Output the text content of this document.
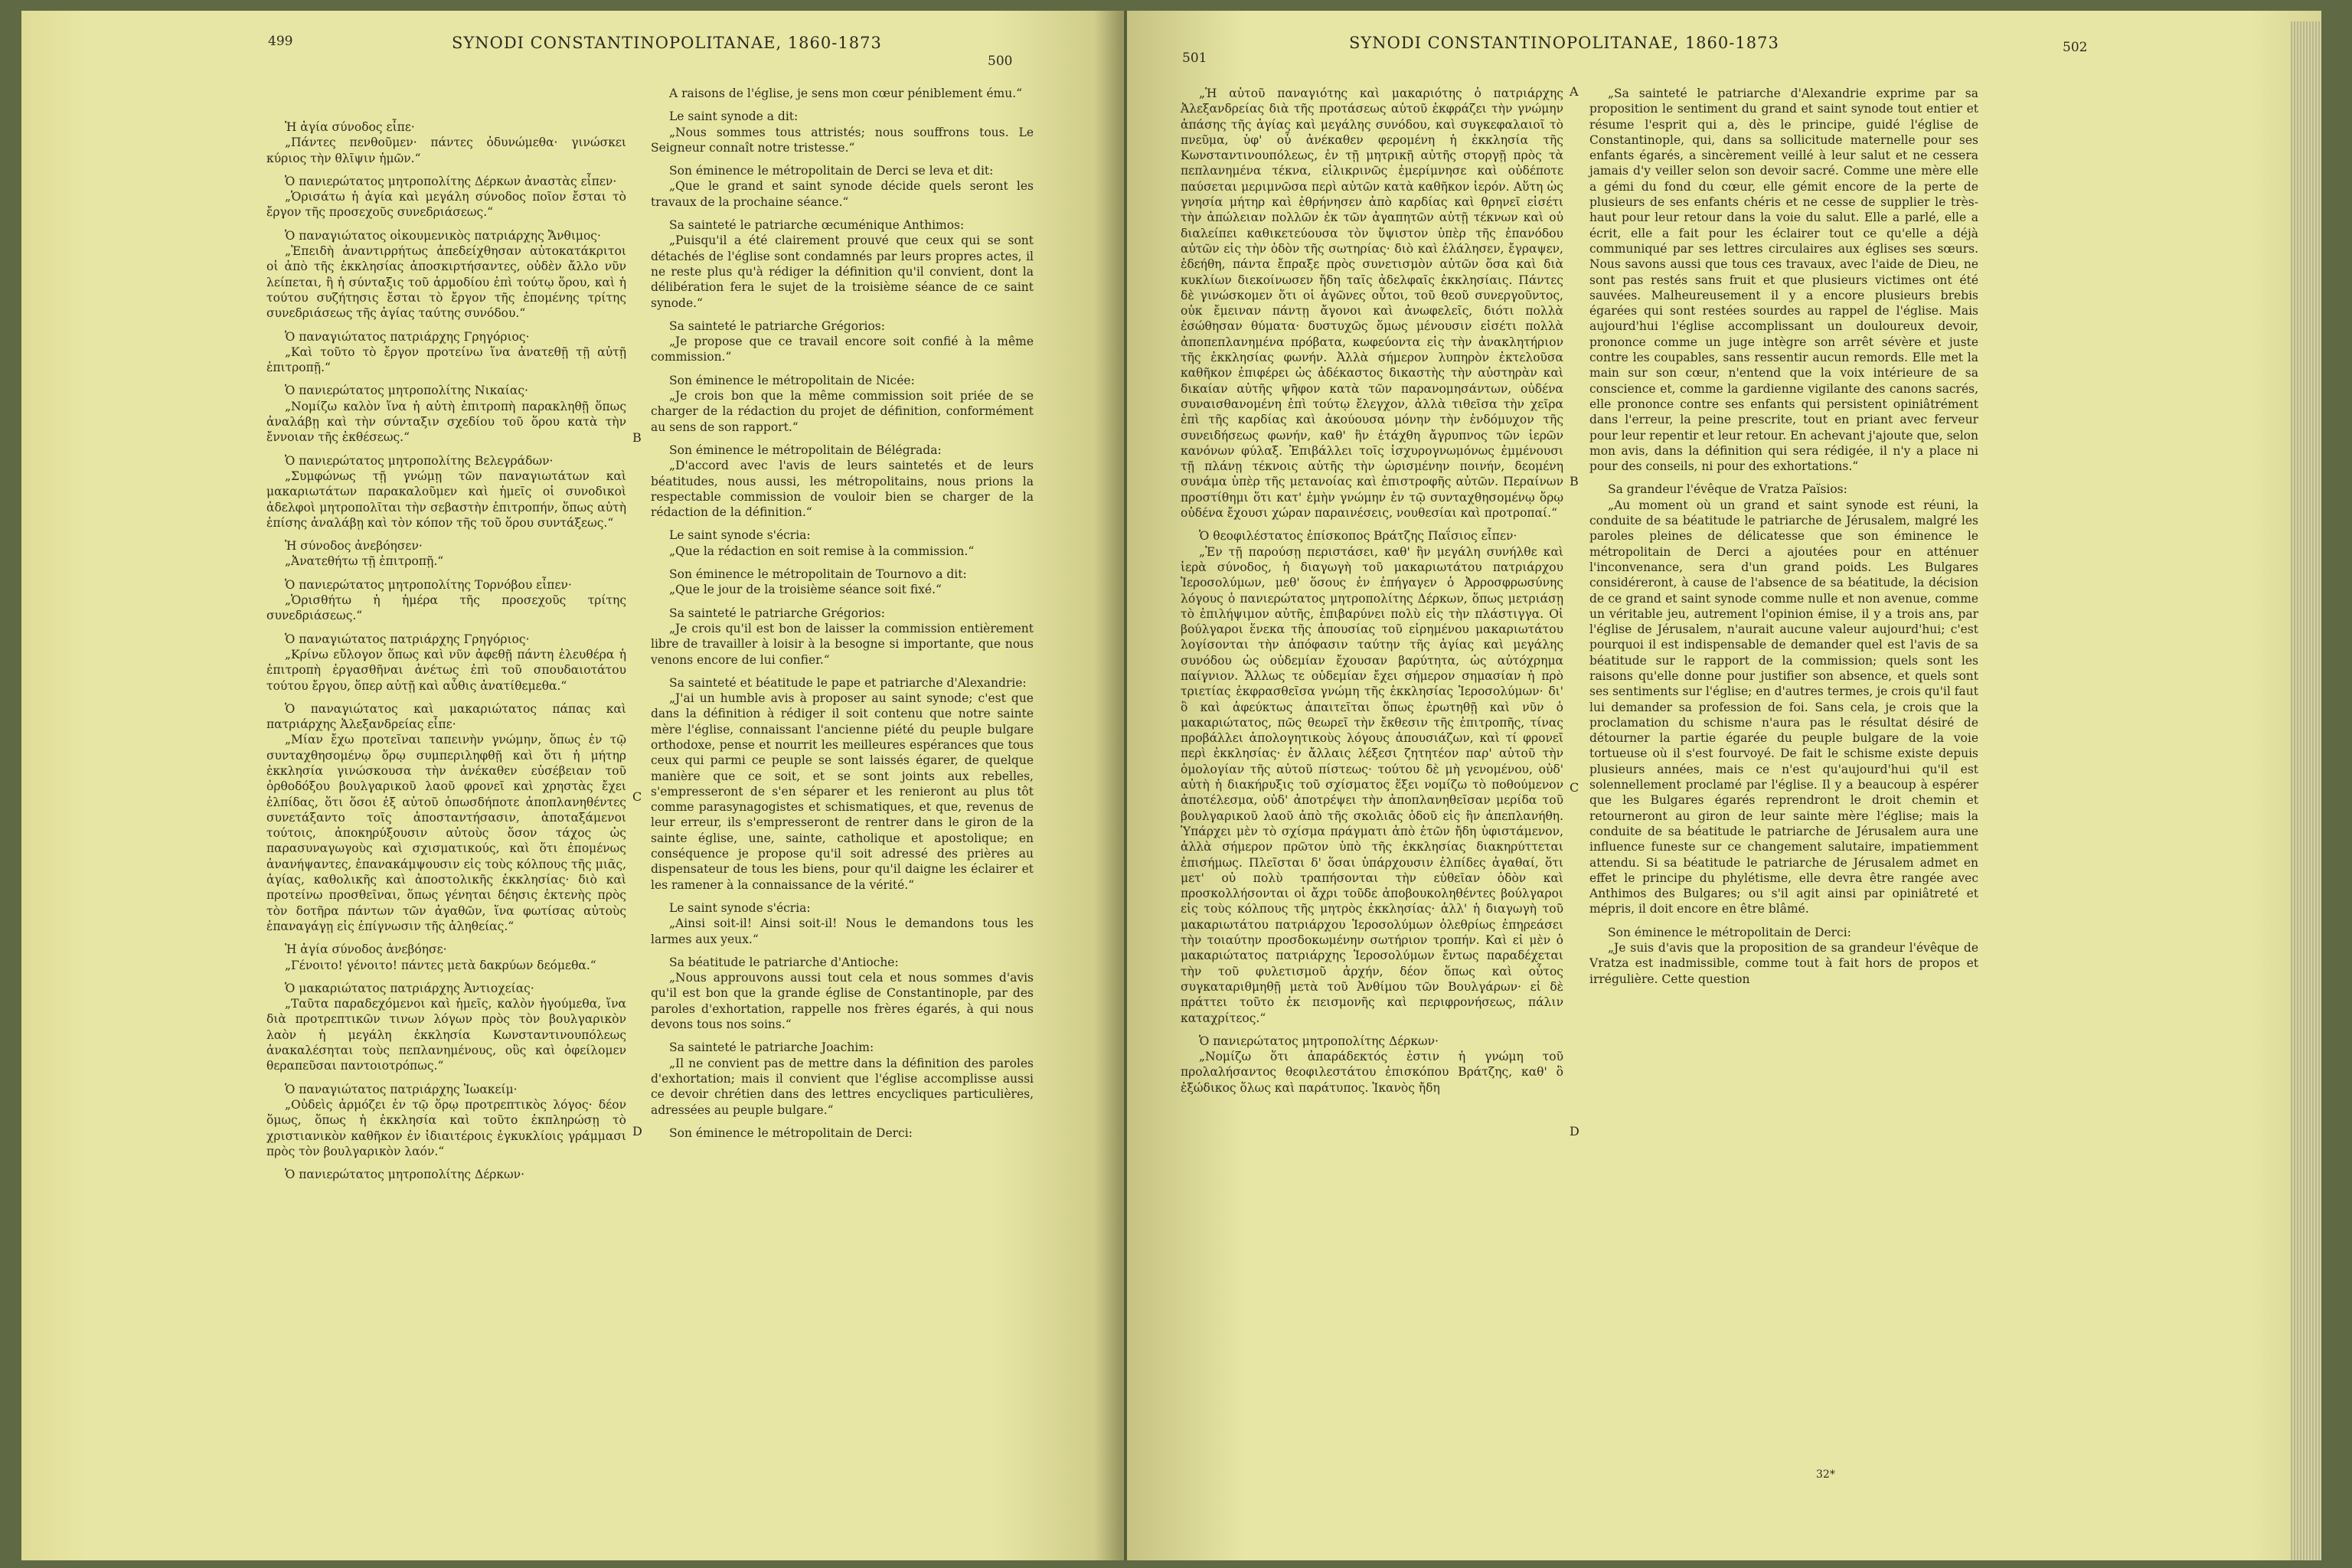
499	SYNODI CONSTANTINOPOLITANAE, 1860-1873
500

Ἡ ἁγία σύνοδος εἶπε·

„Πάντες πενθοῦμεν· πάντες ὀδυνώμεθα· γινώσκει κύριος τὴν θλῖψιν ἡμῶν.“

Ὁ πανιερώτατος μητροπολίτης Δέρκων ἀναστὰς εἶπεν·

„Ὁρισάτω ἡ ἁγία καὶ μεγάλη σύνοδος ποῖον ἔσται τὸ ἔργον τῆς προσεχοῦς συνεδριάσεως.“

Ὁ παναγιώτατος οἰκουμενικὸς πατριάρχης Ἄνθιμος·

„Ἐπειδὴ ἀναντιρρήτως ἀπεδείχθησαν αὐτοκατάκριτοι οἱ ἀπὸ τῆς ἐκκλησίας ἀποσκιρτήσαντες, οὐδὲν ἄλλο νῦν λείπεται, ἢ ἡ σύνταξις τοῦ ἁρμοδίου ἐπὶ τούτῳ ὅρου, καὶ ἡ τούτου συζήτησις ἔσται τὸ ἔργον τῆς ἐπομένης τρίτης συνεδριάσεως τῆς ἁγίας ταύτης συνόδου.“

Ὁ παναγιώτατος πατριάρχης Γρηγόριος·

„Καὶ τοῦτο τὸ ἔργον προτείνω ἵνα ἀνατεθῇ τῇ αὐτῇ ἐπιτροπῇ.“

Ὁ πανιερώτατος μητροπολίτης Νικαίας·

„Νομίζω καλὸν ἵνα ἡ αὐτὴ ἐπιτροπὴ παρακληθῇ ὅπως ἀναλάβῃ καὶ τὴν σύνταξιν σχεδίου τοῦ ὅρου κατὰ τὴν ἔννοιαν τῆς ἐκθέσεως.“

Ὁ πανιερώτατος μητροπολίτης Βελεγράδων·

„Συμφώνως τῇ γνώμῃ τῶν παναγιωτάτων καὶ μακαριωτάτων παρακαλοῦμεν καὶ ἡμεῖς οἱ συνοδικοὶ ἀδελφοὶ μητροπολῖται τὴν σεβαστὴν ἐπιτροπήν, ὅπως αὐτὴ ἐπίσης ἀναλάβῃ καὶ τὸν κόπον τῆς τοῦ ὅρου συντάξεως.“

Ἡ σύνοδος ἀνεβόησεν·

„Ἀνατεθήτω τῇ ἐπιτροπῇ.“

Ὁ πανιερώτατος μητροπολίτης Τορνόβου εἶπεν·

„Ὁρισθήτω ἡ ἡμέρα τῆς προσεχοῦς τρίτης συνεδριάσεως.“

Ὁ παναγιώτατος πατριάρχης Γρηγόριος·

„Κρίνω εὔλογον ὅπως καὶ νῦν ἀφεθῇ πάντη ἐλευθέρα ἡ ἐπιτροπὴ ἐργασθῆναι ἀνέτως ἐπὶ τοῦ σπουδαιοτάτου τούτου ἔργου, ὅπερ αὐτῇ καὶ αὖθις ἀνατίθεμεθα.“

Ὁ παναγιώτατος καὶ μακαριώτατος πάπας καὶ πατριάρχης Ἀλεξανδρείας εἶπε·

„Μίαν ἔχω προτεῖναι ταπεινὴν γνώμην, ὅπως ἐν τῷ συνταχθησομένῳ ὅρῳ συμπεριληφθῇ καὶ ὅτι ἡ μήτηρ ἐκκλησία γινώσκουσα τὴν ἀνέκαθεν εὐσέβειαν τοῦ ὀρθοδόξου βουλγαρικοῦ λαοῦ φρονεῖ καὶ χρηστὰς ἔχει ἐλπίδας, ὅτι ὅσοι ἐξ αὐτοῦ ὁπωσδήποτε ἀποπλανηθέντες συνετάξαντο τοῖς ἀποσταντήσασιν, ἀποταξάμενοι τούτοις, ἀποκηρύξουσιν αὐτοὺς ὅσον τάχος ὡς παρασυναγωγοὺς καὶ σχισματικούς, καὶ ὅτι ἐπομένως ἀνανήψαντες, ἐπανακάμψουσιν εἰς τοὺς κόλπους τῆς μιᾶς, ἁγίας, καθολικῆς καὶ ἀποστολικῆς ἐκκλησίας· διὸ καὶ προτείνω προσθεῖναι, ὅπως γένηται δέησις ἐκτενὴς πρὸς τὸν δοτῆρα πάντων τῶν ἀγαθῶν, ἵνα φωτίσας αὐτοὺς ἐπαναγάγῃ εἰς ἐπίγνωσιν τῆς ἀληθείας.“

Ἡ ἁγία σύνοδος ἀνεβόησε·

„Γένοιτο! γένοιτο! πάντες μετὰ δακρύων δεόμεθα.“

Ὁ μακαριώτατος πατριάρχης Ἀντιοχείας·

„Ταῦτα παραδεχόμενοι καὶ ἡμεῖς, καλὸν ἡγούμεθα, ἵνα διὰ προτρεπτικῶν τινων λόγων πρὸς τὸν βουλγαρικὸν λαὸν ἡ μεγάλη ἐκκλησία Κωνσταντινουπόλεως ἀνακαλέσηται τοὺς πεπλανημένους, οὓς καὶ ὀφείλομεν θεραπεῦσαι παντοιοτρόπως.“

Ὁ παναγιώτατος πατριάρχης Ἰωακείμ·

„Οὐδεὶς ἀρμόζει ἐν τῷ ὅρῳ προτρεπτικὸς λόγος· δέον ὅμως, ὅπως ἡ ἐκκλησία καὶ τοῦτο ἐκπληρώσῃ τὸ χριστιανικὸν καθῆκον ἐν ἰδιαιτέροις ἐγκυκλίοις γράμμασι πρὸς τὸν βουλγαρικὸν λαόν.“

Ὁ πανιερώτατος μητροπολίτης Δέρκων·

A raisons de l'église, je sens mon cœur péniblement ému.“

Le saint synode a dit:

„Nous sommes tous attristés; nous souffrons tous. Le Seigneur connaît notre tristesse.“

Son éminence le métropolitain de Derci se leva et dit:

„Que le grand et saint synode décide quels seront les travaux de la prochaine séance.“

Sa sainteté le patriarche œcuménique Anthimos:

„Puisqu'il a été clairement prouvé que ceux qui se sont détachés de l'église sont condamnés par leurs propres actes, il ne reste plus qu'à rédiger la définition qu'il convient, dont la délibération fera le sujet de la troisième séance de ce saint synode.“

Sa sainteté le patriarche Grégorios:

„Je propose que ce travail encore soit confié à la même commission.“

Son éminence le métropolitain de Nicée:

„Je crois bon que la même commission soit priée de se charger de la rédaction du projet de définition, conformément au sens de son rapport.“

Son éminence le métropolitain de Bélégrada:

„D'accord avec l'avis de leurs saintetés et de leurs béatitudes, nous aussi, les métropolitains, nous prions la respectable commission de vouloir bien se charger de la rédaction de la définition.“

Le saint synode s'écria:

„Que la rédaction en soit remise à la commission.“

Son éminence le métropolitain de Tournovo a dit:

„Que le jour de la troisième séance soit fixé.“

Sa sainteté le patriarche Grégorios:

„Je crois qu'il est bon de laisser la commission entièrement libre de travailler à loisir à la besogne si importante, que nous venons encore de lui confier.“

Sa sainteté et béatitude le pape et patriarche d'Alexandrie:

„J'ai un humble avis à proposer au saint synode; c'est que dans la définition à rédiger il soit contenu que notre sainte mère l'église, connaissant l'ancienne piété du peuple bulgare orthodoxe, pense et nourrit les meilleures espérances que tous ceux qui parmi ce peuple se sont laissés égarer, de quelque manière que ce soit, et se sont joints aux rebelles, s'empresseront de s'en séparer et les renieront au plus tôt comme parasynagogistes et schismatiques, et que, revenus de leur erreur, ils s'empresseront de rentrer dans le giron de la sainte église, une, sainte, catholique et apostolique; en conséquence je propose qu'il soit adressé des prières au dispensateur de tous les biens, pour qu'il daigne les éclairer et les ramener à la connaissance de la vérité.“

Le saint synode s'écria:

„Ainsi soit-il! Ainsi soit-il! Nous le demandons tous les larmes aux yeux.“

Sa béatitude le patriarche d'Antioche:

„Nous approuvons aussi tout cela et nous sommes d'avis qu'il est bon que la grande église de Constantinople, par des paroles d'exhortation, rappelle nos frères égarés, à qui nous devons tous nos soins.“

Sa sainteté le patriarche Joachim:

„Il ne convient pas de mettre dans la définition des paroles d'exhortation; mais il convient que l'église accomplisse aussi ce devoir chrétien dans des lettres encycliques particulières, adressées au peuple bulgare.“

Son éminence le métropolitain de Derci:

B
C
D
501
SYNODI CONSTANTINOPOLITANAE, 1860-1873	502

„Ἡ αὐτοῦ παναγιότης καὶ μακαριότης ὁ πατριάρχης Ἀλεξανδρείας διὰ τῆς προτάσεως αὐτοῦ ἐκφράζει τὴν γνώμην ἁπάσης τῆς ἁγίας καὶ μεγάλης συνόδου, καὶ συγκεφαλαιοῖ τὸ πνεῦμα, ὑφ' οὗ ἀνέκαθεν φερομένη ἡ ἐκκλησία τῆς Κωνσταντινουπόλεως, ἐν τῇ μητρικῇ αὐτῆς στοργῇ πρὸς τὰ πεπλανημένα τέκνα, εἰλικρινῶς ἐμερίμνησε καὶ οὐδέποτε παύσεται μεριμνῶσα περὶ αὐτῶν κατὰ καθῆκον ἱερόν. Αὕτη ὡς γνησία μήτηρ καὶ ἐθρήνησεν ἀπὸ καρδίας καὶ θρηνεῖ εἰσέτι τὴν ἀπώλειαν πολλῶν ἐκ τῶν ἀγαπητῶν αὐτῇ τέκνων καὶ οὐ διαλείπει καθικετεύουσα τὸν ὕψιστον ὑπὲρ τῆς ἐπανόδου αὐτῶν εἰς τὴν ὁδὸν τῆς σωτηρίας· διὸ καὶ ἐλάλησεν, ἔγραψεν, ἐδεήθη, πάντα ἔπραξε πρὸς συνετισμὸν αὐτῶν ὅσα καὶ διὰ κυκλίων διεκοίνωσεν ἤδη ταῖς ἀδελφαῖς ἐκκλησίαις. Πάντες δὲ γινώσκομεν ὅτι οἱ ἀγῶνες οὗτοι, τοῦ θεοῦ συνεργοῦντος, οὐκ ἔμειναν πάντῃ ἄγονοι καὶ ἀνωφελεῖς, διότι πολλὰ ἐσώθησαν θύματα· δυστυχῶς ὅμως μένουσιν εἰσέτι πολλὰ ἀποπεπλανημένα πρόβατα, κωφεύοντα εἰς τὴν ἀνακλητήριον τῆς ἐκκλησίας φωνήν. Ἀλλὰ σήμερον λυπηρὸν ἐκτελοῦσα καθῆκον ἐπιφέρει ὡς ἀδέκαστος δικαστὴς τὴν αὐστηρὰν καὶ δικαίαν αὐτῆς ψῆφον κατὰ τῶν παρανομησάντων, οὐδένα συναισθανομένη ἐπὶ τούτῳ ἔλεγχον, ἀλλὰ τιθεῖσα τὴν χεῖρα ἐπὶ τῆς καρδίας καὶ ἀκούουσα μόνην τὴν ἐνδόμυχον τῆς συνειδήσεως φωνήν, καθ' ἣν ἐτάχθη ἄγρυπνος τῶν ἱερῶν κανόνων φύλαξ. Ἐπιβάλλει τοῖς ἰσχυρογνωμόνως ἐμμένουσι τῇ πλάνῃ τέκνοις αὐτῆς τὴν ὡρισμένην ποινήν, δεομένη συνάμα ὑπὲρ τῆς μετανοίας καὶ ἐπιστροφῆς αὐτῶν. Περαίνων προστίθημι ὅτι κατ' ἐμὴν γνώμην ἐν τῷ συνταχθησομένῳ ὅρῳ οὐδένα ἔχουσι χώραν παραινέσεις, νουθεσίαι καὶ προτροπαί.“

Ὁ θεοφιλέστατος ἐπίσκοπος Βράτζης Παΐσιος εἶπεν·

„Ἐν τῇ παρούσῃ περιστάσει, καθ' ἣν μεγάλη συνήλθε καὶ ἱερὰ σύνοδος, ἡ διαγωγὴ τοῦ μακαριωτάτου πατριάρχου Ἱεροσολύμων, μεθ' ὅσους ἐν ἐπήγαγεν ὁ Ἀρροσφρωσύνης λόγους ὁ πανιερώτατος μητροπολίτης Δέρκων, ὅπως μετριάσῃ τὸ ἐπιλήψιμον αὐτῆς, ἐπιβαρύνει πολὺ εἰς τὴν πλάστιγγα. Οἱ βούλγαροι ἕνεκα τῆς ἀπουσίας τοῦ εἰρημένου μακαριωτάτου λογίσονται τὴν ἀπόφασιν ταύτην τῆς ἁγίας καὶ μεγάλης συνόδου ὡς οὐδεμίαν ἔχουσαν βαρύτητα, ὡς αὐτόχρημα παίγνιον. Ἄλλως τε οὐδεμίαν ἔχει σήμερον σημασίαν ἡ πρὸ τριετίας ἐκφρασθεῖσα γνώμη τῆς ἐκκλησίας Ἱεροσολύμων· δι' ὃ καὶ ἀφεύκτως ἀπαιτεῖται ὅπως ἐρωτηθῇ καὶ νῦν ὁ μακαριώτατος, πῶς θεωρεῖ τὴν ἔκθεσιν τῆς ἐπιτροπῆς, τίνας προβάλλει ἀπολογητικοὺς λόγους ἀπουσιάζων, καὶ τί φρονεῖ περὶ ἐκκλησίας· ἐν ἄλλαις λέξεσι ζητητέον παρ' αὐτοῦ τὴν ὁμολογίαν τῆς αὐτοῦ πίστεως· τούτου δὲ μὴ γενομένου, οὐδ' αὐτὴ ἡ διακήρυξις τοῦ σχίσματος ἕξει νομίζω τὸ ποθούμενον ἀποτέλεσμα, οὐδ' ἀποτρέψει τὴν ἀποπλανηθεῖσαν μερίδα τοῦ βουλγαρικοῦ λαοῦ ἀπὸ τῆς σκολιᾶς ὁδοῦ εἰς ἣν ἀπεπλανήθη. Ὑπάρχει μὲν τὸ σχίσμα πράγματι ἀπὸ ἐτῶν ἤδη ὑφιστάμενον, ἀλλὰ σήμερον πρῶτον ὑπὸ τῆς ἐκκλησίας διακηρύττεται ἐπισήμως. Πλεῖσται δ' ὅσαι ὑπάρχουσιν ἐλπίδες ἀγαθαί, ὅτι μετ' οὐ πολὺ τραπήσονται τὴν εὐθεῖαν ὁδὸν καὶ προσκολλήσονται οἱ ἄχρι τοῦδε ἀποβουκοληθέντες βούλγαροι εἰς τοὺς κόλπους τῆς μητρὸς ἐκκλησίας· ἀλλ' ἡ διαγωγὴ τοῦ μακαριωτάτου πατριάρχου Ἱεροσολύμων ὀλεθρίως ἐπηρεάσει τὴν τοιαύτην προσδοκωμένην σωτήριον τροπήν. Καὶ εἰ μὲν ὁ μακαριώτατος πατριάρχης Ἱεροσολύμων ἔντως παραδέχεται τὴν τοῦ φυλετισμοῦ ἀρχήν, δέον ὅπως καὶ οὗτος συγκαταριθμηθῇ μετὰ τοῦ Ἀνθίμου τῶν Βουλγάρων· εἰ δὲ πράττει τοῦτο ἐκ πεισμονῆς καὶ περιφρονήσεως, πάλιν καταχρίτεος.“

Ὁ πανιερώτατος μητροπολίτης Δέρκων·

„Νομίζω ὅτι ἀπαράδεκτός ἐστιν ἡ γνώμη τοῦ προλαλήσαντος θεοφιλεστάτου ἐπισκόπου Βράτζης, καθ' ὃ ἐξώδικος ὅλως καὶ παράτυπος. Ἱκανὸς ἤδη

„Sa sainteté le patriarche d'Alexandrie exprime par sa proposition le sentiment du grand et saint synode tout entier et résume l'esprit qui a, dès le principe, guidé l'église de Constantinople, qui, dans sa sollicitude maternelle pour ses enfants égarés, a sincèrement veillé à leur salut et ne cessera jamais d'y veiller selon son devoir sacré. Comme une mère elle a gémi du fond du cœur, elle gémit encore de la perte de plusieurs de ses enfants chéris et ne cesse de supplier le très-haut pour leur retour dans la voie du salut. Elle a parlé, elle a écrit, elle a fait pour les éclairer tout ce qu'elle a déjà communiqué par ses lettres circulaires aux églises ses sœurs. Nous savons aussi que tous ces travaux, avec l'aide de Dieu, ne sont pas restés sans fruit et que plusieurs victimes ont été sauvées. Malheureusement il y a encore plusieurs brebis égarées qui sont restées sourdes au rappel de l'église. Mais aujourd'hui l'église accomplissant un douloureux devoir, prononce comme un juge intègre son arrêt sévère et juste contre les coupables, sans ressentir aucun remords. Elle met la main sur son cœur, n'entend que la voix intérieure de sa conscience et, comme la gardienne vigilante des canons sacrés, elle prononce contre ses enfants qui persistent opiniâtrément dans l'erreur, la peine prescrite, tout en priant avec ferveur pour leur repentir et leur retour. En achevant j'ajoute que, selon mon avis, dans la définition qui sera rédigée, il n'y a place ni pour des conseils, ni pour des exhortations.“

Sa grandeur l'évêque de Vratza Païsios:

„Au moment où un grand et saint synode est réuni, la conduite de sa béatitude le patriarche de Jérusalem, malgré les paroles pleines de délicatesse que son éminence le métropolitain de Derci a ajoutées pour en atténuer l'inconvenance, sera d'un grand poids. Les Bulgares considéreront, à cause de l'absence de sa béatitude, la décision de ce grand et saint synode comme nulle et non avenue, comme un véritable jeu, autrement l'opinion émise, il y a trois ans, par l'église de Jérusalem, n'aurait aucune valeur aujourd'hui; c'est pourquoi il est indispensable de demander quel est l'avis de sa béatitude sur le rapport de la commission; quels sont les raisons qu'elle donne pour justifier son absence, et quels sont ses sentiments sur l'église; en d'autres termes, je crois qu'il faut lui demander sa profession de foi. Sans cela, je crois que la proclamation du schisme n'aura pas le résultat désiré de détourner la partie égarée du peuple bulgare de la voie tortueuse où il s'est fourvoyé. De fait le schisme existe depuis plusieurs années, mais ce n'est qu'aujourd'hui qu'il est solennellement proclamé par l'église. Il y a beaucoup à espérer que les Bulgares égarés reprendront le droit chemin et retourneront au giron de leur sainte mère l'église; mais la conduite de sa béatitude le patriarche de Jérusalem aura une influence funeste sur ce changement salutaire, impatiemment attendu. Si sa béatitude le patriarche de Jérusalem admet en effet le principe du phylétisme, elle devra être rangée avec Anthimos des Bulgares; ou s'il agit ainsi par opiniâtreté et mépris, il doit encore en être blâmé.

Son éminence le métropolitain de Derci:

„Je suis d'avis que la proposition de sa grandeur l'évêque de Vratza est inadmissible, comme tout à fait hors de propos et irrégulière. Cette question

A
B
C
D
32*
